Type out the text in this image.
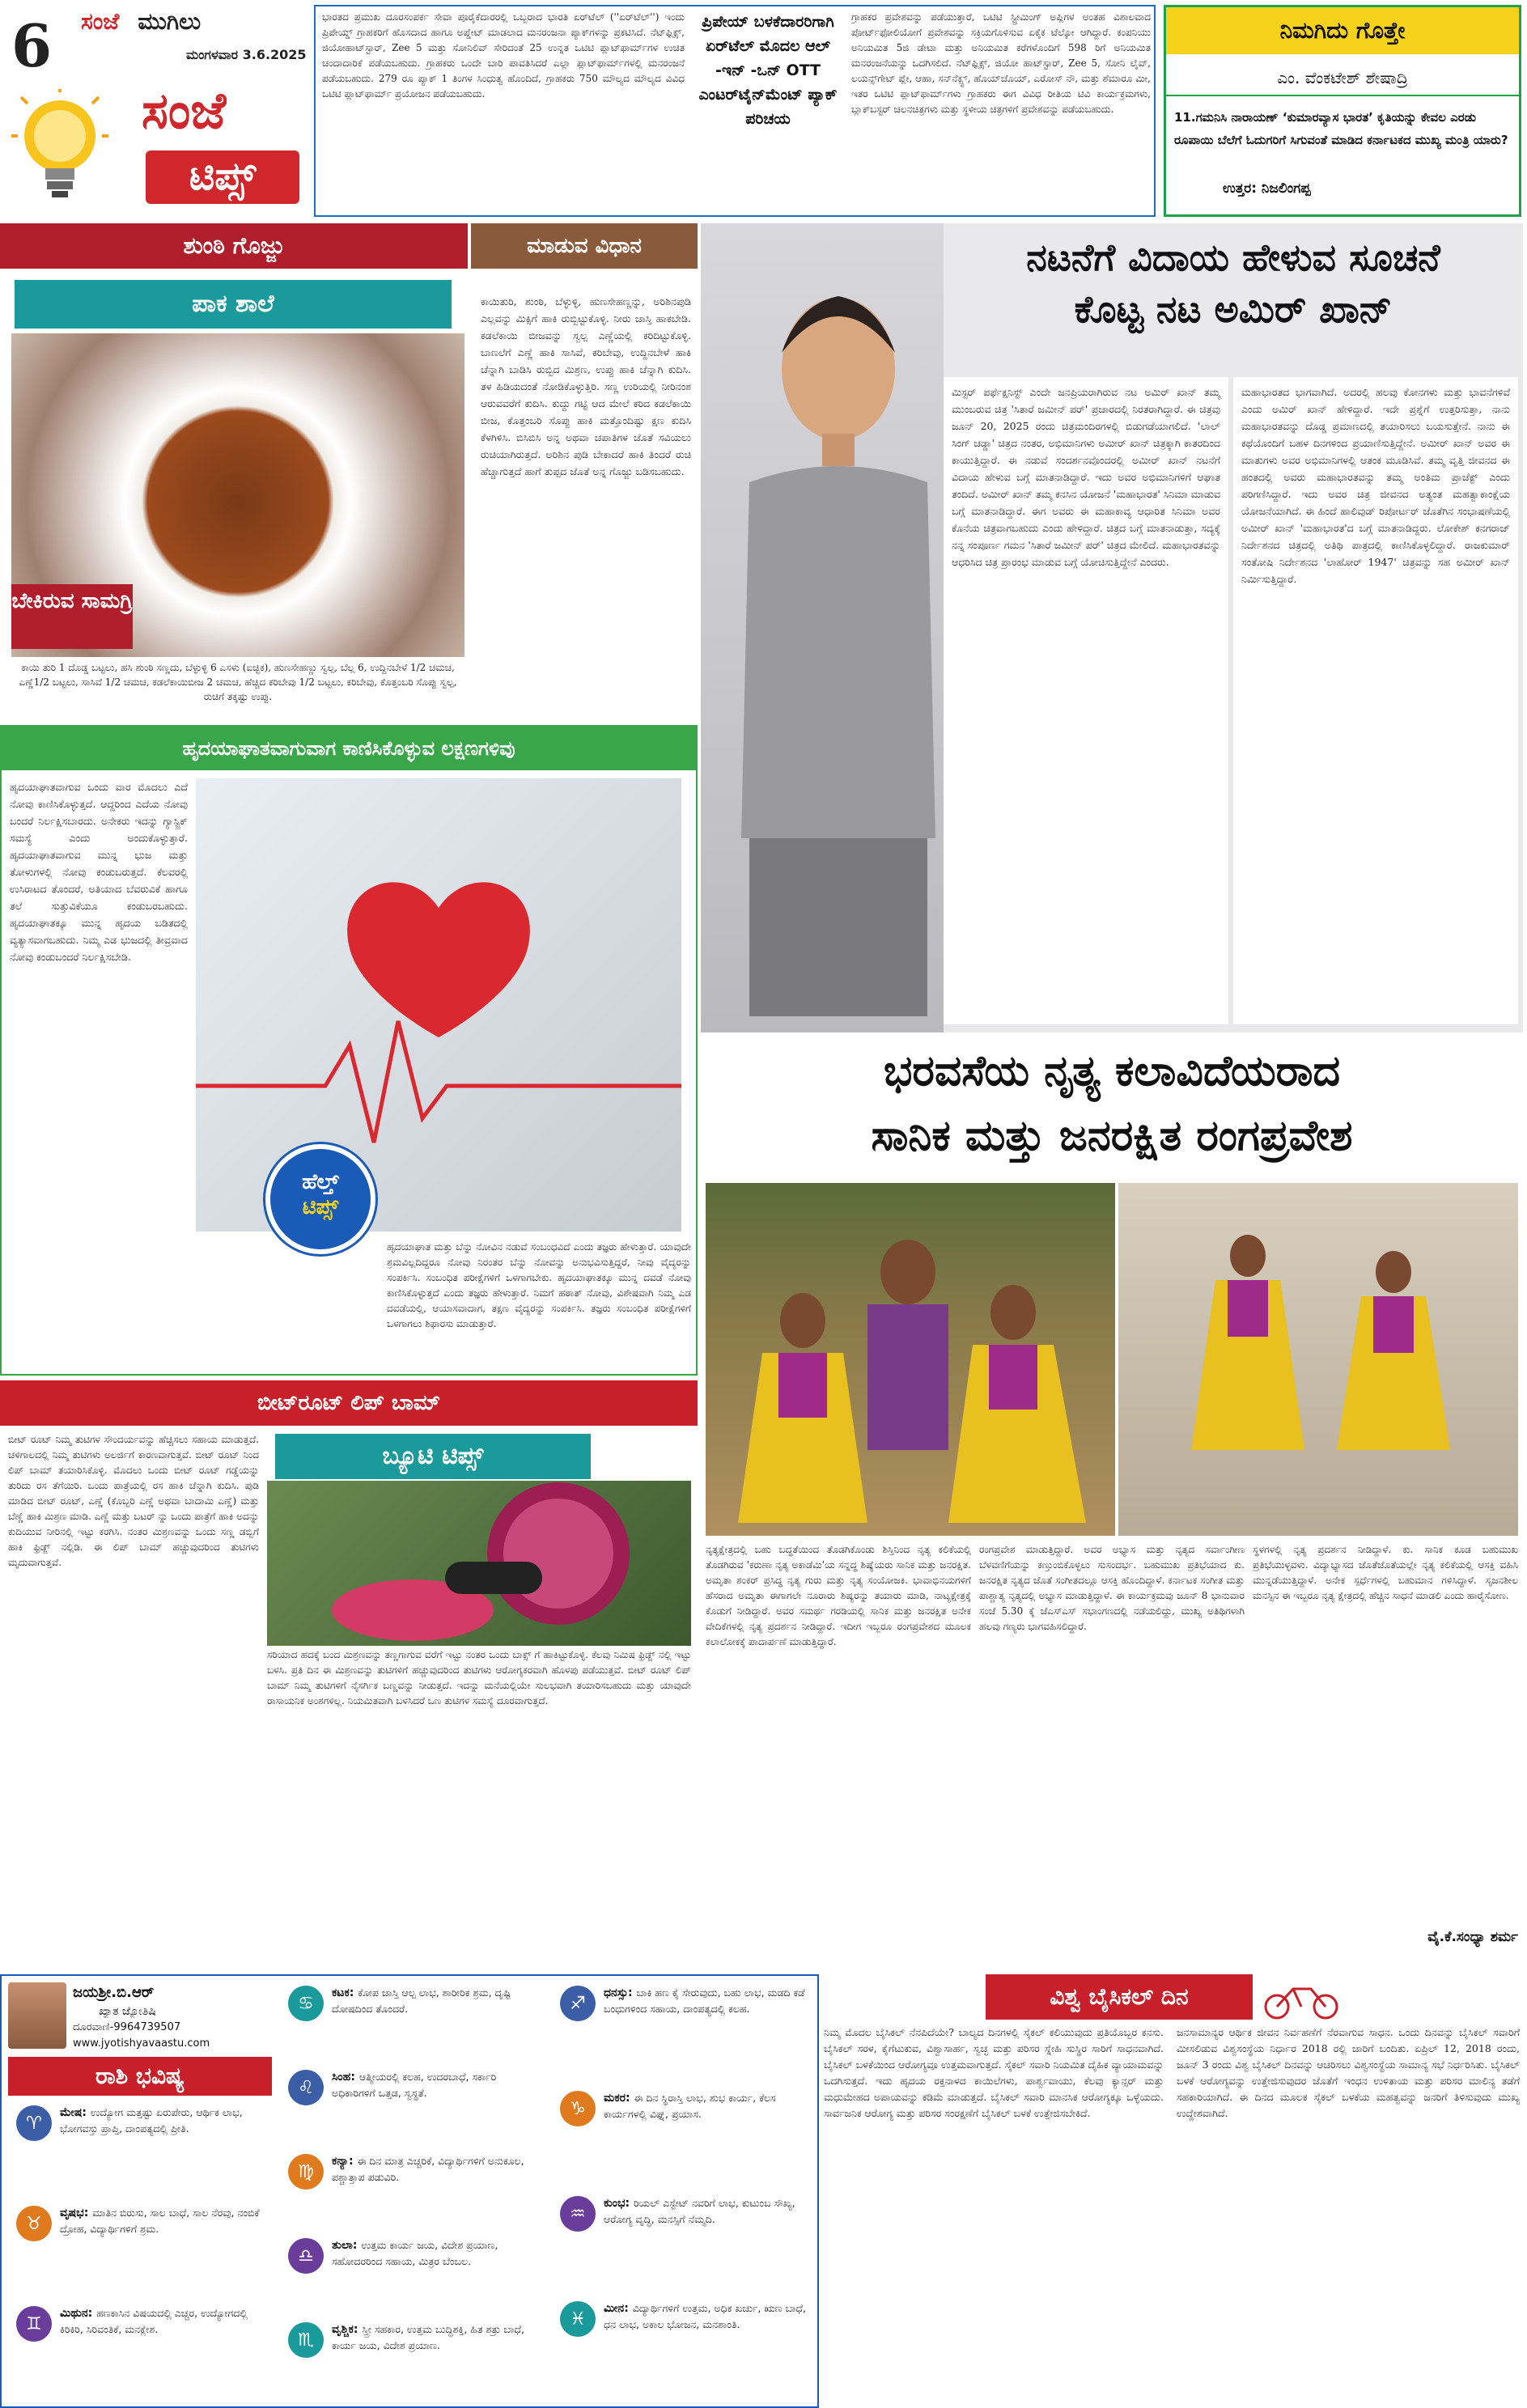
6 ಸಂಜೆ ಮುಗಿಲು
ಮಂಗಳವಾರ 3.6.2025
ಸಂಜೆ
ಟಿಪ್ಸ್
ಭಾರತದ ಪ್ರಮುಖ ದೂರಸಂಪರ್ಕ ಸೇವಾ ಪೂರೈಕೆದಾರರಲ್ಲಿ ಒಬ್ಬರಾದ ಭಾರತಿ ಏರ್‌ಟೆಲ್ (''ಏರ್‌ಟೆಲ್'') ಇಂದು ಪ್ರಿಪೇಯ್ಡ್ ಗ್ರಾಹಕರಿಗೆ ಹೊಸದಾದ ಹಾಗೂ ಅಪ್ಡೇಟ್ ಮಾಡಲಾದ ಮನರಂಜನಾ ಪ್ಯಾಕ್‌ಗಳನ್ನು ಪ್ರಕಟಿಸಿದೆ. ನೆಟ್‌ಫ್ಲಿಕ್ಸ್, ಜಿಯೋಹಾಟ್‌ಸ್ಟಾರ್, Zee 5 ಮತ್ತು ಸೋನಿಲಿವ್ ಸೇರಿದಂತೆ 25 ಉನ್ನತ ಒಟಿಟಿ ಪ್ಲಾಟ್‌ಫಾರ್ಮ್‌ಗಳ ಉಚಿತ ಚಂದಾದಾರಿಕೆ ಪಡೆಯಬಹುದು. ಗ್ರಾಹಕರು ಒಂದೇ ಬಾರಿ ಪಾವತಿಸಿದರೆ ಎಲ್ಲಾ ಪ್ಲಾಟ್‌ಫಾರ್ಮ್‌ಗಳಲ್ಲಿ ಮನರಂಜನೆ ಪಡೆಯಬಹುದು. 279 ರೂ ಪ್ಯಾಕ್ 1 ತಿಂಗಳ ಸಿಂಧುತ್ವ ಹೊಂದಿದೆ, ಗ್ರಾಹಕರು 750 ಮೌಲ್ಯದ ಮೌಲ್ಯದ ವಿವಿಧ ಒಟಿಟಿ ಪ್ಲಾಟ್‌ಫಾರ್ಮ್‌ ಪ್ರಯೋಜನ ಪಡೆಯಬಹುದು.
ಪ್ರಿಪೇಯ್ ಬಳಕೆದಾರರಿಗಾಗಿ ಏರ್‌ಟೆಲ್ ಮೊದಲ ಆಲ್ -ಇನ್ -ಒನ್ OTT ಎಂಟರ್‌ಟೈನ್‌ಮೆಂಟ್ ಪ್ಯಾಕ್ ಪರಿಚಯ
ಗ್ರಾಹಕರ ಪ್ರವೇಶವನ್ನು ಪಡೆಯುತ್ತಾರೆ, ಒಟಿಟಿ ಸ್ಟ್ರೀಮಿಂಗ್ ಅಪ್ಲಿಗಳ ಅಂತಹ ವಿಶಾಲವಾದ ಪೋರ್ಟ್‌ಫೋಲಿಯೋಗೆ ಪ್ರವೇಶವನ್ನು ಸಕ್ರಿಯಗೊಳಿಸುವ ಏಕೈಕ ಟೆಲ್ಕೋ ಆಗಿದ್ದಾರೆ. ಕಂಪನಿಯು ಅನಿಯಮಿತ 5ಜಿ ಡೇಟಾ ಮತ್ತು ಅನಿಯಮಿತ ಕರೆಗಳೊಂದಿಗೆ 598 ರಿಗೆ ಅನಿಯಮಿತ ಮನರಂಜನೆಯನ್ನು ಒದಗಿಸಲಿದೆ. ನೆಟ್‌ಫ್ಲಿಕ್ಸ್, ಜಿಯೋ ಹಾಟ್‌ಸ್ಟಾರ್, Zee 5, ಸೋನಿ ಲೈವ್, ಲಯನ್ಸ್‌ಗೇಟ್ ಪ್ಲೇ, ಆಹಾ, ಸನ್‌ನೆಕ್ಸ್ಟ್, ಹೊಯ್‌ಚೊಯ್, ಎರೋಸ್ ನೌ, ಮತ್ತು ಶೆಮಾರೂ ಮೀ, ಇತರ ಒಟಿಟಿ ಪ್ಲಾಟ್‌ಫಾರ್ಮ್‌ಗಳು ಗ್ರಾಹಕರು ಈಗ ವಿವಿಧ ರೀತಿಯ ಟಿವಿ ಕಾರ್ಯಕ್ರಮಗಳು, ಬ್ಲಾಕ್‌ಬಸ್ಟರ್ ಚಲನಚಿತ್ರಗಳು ಮತ್ತು ಸ್ಥಳೀಯ ಚಿತ್ರಗಳಿಗೆ ಪ್ರವೇಶವನ್ನು ಪಡೆಯಬಹುದು.
ನಿಮಗಿದು ಗೊತ್ತೇ
ಎಂ. ವೆಂಕಟೇಶ್ ಶೇಷಾದ್ರಿ
11.ಗಮನಿಸಿ ನಾರಾಯಣ್ ‘ಕುಮಾರವ್ಯಾಸ ಭಾರತ’ ಕೃತಿಯನ್ನು ಕೇವಲ ಎರಡು ರೂಪಾಯಿ ಬೆಲೆಗೆ ಓದುಗರಿಗೆ ಸಿಗುವಂತೆ ಮಾಡಿದ ಕರ್ನಾಟಕದ ಮುಖ್ಯ ಮಂತ್ರಿ ಯಾರು?
ಉತ್ತರ: ನಿಜಲಿಂಗಪ್ಪ
ಶುಂಠಿ ಗೊಜ್ಜು	ಮಾಡುವ ವಿಧಾನ
ಪಾಕ ಶಾಲೆ
ಬೇಕಿರುವ ಸಾಮಗ್ರಿ
ಕಾಯಿ ತುರಿ 1 ದೊಡ್ಡ ಬಟ್ಟಲು, ಹಸಿ ಶುಂಠಿ ಸಣ್ಣದು, ಬೆಳ್ಳುಳ್ಳಿ 6 ಎಸಳು (ಐಚ್ಛಿಕ), ಹುಣಸೇಹಣ್ಣು ಸ್ವಲ್ಪ, ಬೆಲ್ಲ 6, ಉದ್ದಿನಬೇಳೆ 1/2 ಚಮಚ, ಎಣ್ಣೆ1/2 ಬಟ್ಟಲು, ಸಾಸಿವೆ 1/2 ಚಮಚ, ಕಡಲೆಕಾಯಿಬೀಜ 2 ಚಮಚ, ಹೆಚ್ಚಿದ ಕರಿಬೇವು 1/2 ಬಟ್ಟಲು, ಕರಿಬೇವು, ಕೊತ್ತಂಬರಿ ಸೊಪ್ಪು ಸ್ವಲ್ಪ, ರುಚಿಗೆ ತಕ್ಕಷ್ಟು ಉಪ್ಪು.
ಕಾಯಿತುರಿ, ಶುಂಠಿ, ಬೆಳ್ಳುಳ್ಳಿ, ಹುಣಸೇಹಣ್ಣನ್ನು, ಅರಿಶಿನಪುಡಿ ಎಲ್ಲವನ್ನು ಮಿಕ್ಸಿಗೆ ಹಾಕಿ ರುಬ್ಬಿಟ್ಟುಕೊಳ್ಳಿ. ನೀರು ಜಾಸ್ತಿ ಹಾಕಬೇಡಿ. ಕಡಲೆಕಾಯಿ ಬೀಜವನ್ನು ಸ್ವಲ್ಪ ಎಣ್ಣೆಯಲ್ಲಿ ಕರಿದಿಟ್ಟುಕೊಳ್ಳಿ. ಬಾಣಲೆಗೆ ಎಣ್ಣೆ ಹಾಕಿ ಸಾಸಿವೆ, ಕರಿಬೇವು, ಉದ್ದಿನಬೇಳೆ ಹಾಕಿ ಚೆನ್ನಾಗಿ ಬಾಡಿಸಿ ರುಬ್ಬಿದ ಮಿಶ್ರಣ, ಉಪ್ಪು ಹಾಕಿ ಚೆನ್ನಾಗಿ ಕುದಿಸಿ. ತಳ ಹಿಡಿಯದಂತೆ ನೋಡಿಕೊಳ್ಳುತ್ತಿರಿ. ಸಣ್ಣ ಉರಿಯಲ್ಲಿ ನೀರಿನಂಶ ಆರುವವರೆಗೆ ಕುದಿಸಿ. ಕುದ್ದು ಗಟ್ಟಿ ಆದ ಮೇಲೆ ಕರಿದ ಕಡಲೆಕಾಯಿ ಬೀಜ, ಕೊತ್ತಂಬರಿ ಸೊಪ್ಪು ಹಾಕಿ ಮತ್ತೊಂದಿಷ್ಟು ಕ್ಷಣ ಕುದಿಸಿ ಕೆಳಗಿಳಿಸಿ. ಬಿಸಿಬಿಸಿ ಅನ್ನ ಅಥವಾ ಚಪಾತಿಗಳ ಜೊತೆ ಸವಿಯಲು ರುಚಿಯಾಗಿರುತ್ತದೆ. ಅರಿಶಿನ ಪುಡಿ ಬೇಕಾದರೆ ಹಾಕಿ ತಿಂದರೆ ರುಚಿ ಹೆಚ್ಚಾಗುತ್ತದೆ ಹಾಗೆ ತುಪ್ಪದ ಜೊತೆ ಅನ್ನ ಗೊಜ್ಜು ಬಡಿಸಬಹುದು.
ನಟನೆಗೆ ವಿದಾಯ ಹೇಳುವ ಸೂಚನೆ
ಕೊಟ್ಟ ನಟ ಅಮಿರ್ ಖಾನ್
ಮಿಸ್ಟರ್ ಪರ್ಫೆಕ್ಷನಿಸ್ಟ್ ಎಂದೇ ಜನಪ್ರಿಯರಾಗಿರುವ ನಟ ಅಮಿರ್ ಖಾನ್ ತಮ್ಮ ಮುಂಬರುವ ಚಿತ್ರ 'ಸಿತಾರೆ ಜಮೀನ್ ಪರ್' ಪ್ರಚಾರದಲ್ಲಿ ನಿರತರಾಗಿದ್ದಾರೆ. ಈ ಚಿತ್ರವು ಜೂನ್ 20, 2025 ರಂದು ಚಿತ್ರಮಂದಿರಗಳಲ್ಲಿ ಬಿಡುಗಡೆಯಾಗಲಿದೆ. 'ಲಾಲ್ ಸಿಂಗ್ ಚಡ್ಡಾ' ಚಿತ್ರದ ನಂತರ, ಅಭಿಮಾನಿಗಳು ಅಮೀರ್ ಖಾನ್ ಚಿತ್ರಕ್ಕಾಗಿ ಕಾತರದಿಂದ ಕಾಯುತ್ತಿದ್ದಾರೆ. ಈ ನಡುವೆ ಸಂದರ್ಶನವೊಂದರಲ್ಲಿ ಅಮೀರ್ ಖಾನ್ ನಟನೆಗೆ ವಿದಾಯ ಹೇಳುವ ಬಗ್ಗೆ ಮಾತನಾಡಿದ್ದಾರೆ. ಇದು ಅವರ ಅಭಿಮಾನಿಗಳಿಗೆ ಆಘಾತ ತಂದಿದೆ. ಅಮೀರ್ ಖಾನ್ ತಮ್ಮ ಕನಸಿನ ಯೋಜನೆ 'ಮಹಾಭಾರತ' ಸಿನಿಮಾ ಮಾಡುವ ಬಗ್ಗೆ ಮಾತನಾಡಿದ್ದಾರೆ. ಈಗ ಅವರು ಈ ಮಹಾಕಾವ್ಯ ಆಧಾರಿತ ಸಿನಿಮಾ ಅವರ ಕೊನೆಯ ಚಿತ್ರವಾಗಬಹುದು ಎಂದು ಹೇಳಿದ್ದಾರೆ. ಚಿತ್ರದ ಬಗ್ಗೆ ಮಾತನಾಡುತ್ತಾ, ಸದ್ಯಕ್ಕೆ ನನ್ನ ಸಂಪೂರ್ಣ ಗಮನ 'ಸಿತಾರೆ ಜಮೀನ್ ಪರ್' ಚಿತ್ರದ ಮೇಲಿದೆ. ಮಹಾಭಾರತವನ್ನು ಆಧರಿಸಿದ ಚಿತ್ರ ಪ್ರಾರಂಭ ಮಾಡುವ ಬಗ್ಗೆ ಯೋಚಿಸುತ್ತಿದ್ದೇನೆ ಎಂದರು.
ಮಹಾಭಾರತದ ಭಾಗವಾಗಿದೆ. ಅದರಲ್ಲಿ ಹಲವು ಕೋನಗಳು ಮತ್ತು ಭಾವನೆಗಳಿವೆ ಎಂದು ಅಮಿರ್ ಖಾನ್ ಹೇಳಿದ್ದಾರೆ. ಇದೇ ಪ್ರಶ್ನೆಗೆ ಉತ್ತರಿಸುತ್ತಾ, ನಾನು ಮಹಾಭಾರತವನ್ನು ದೊಡ್ಡ ಪ್ರಮಾಣದಲ್ಲಿ ತಯಾರಿಸಲು ಬಯಸುತ್ತೇನೆ. ನಾನು ಈ ಕಥೆಯೊಂದಿಗೆ ಬಹಳ ದಿನಗಳಿಂದ ಪ್ರಯಾಣಿಸುತ್ತಿದ್ದೇನೆ. ಅಮೀರ್ ಖಾನ್ ಅವರ ಈ ಮಾತುಗಳು ಅವರ ಅಭಿಮಾನಿಗಳಲ್ಲಿ ಆತಂಕ ಮೂಡಿಸಿವೆ. ತಮ್ಮ ವೃತ್ತಿ ಜೀವನದ ಈ ಹಂತದಲ್ಲಿ ಅವರು ಮಹಾಭಾರತವನ್ನು ತಮ್ಮ ಅಂತಿಮ ಪ್ರಾಜೆಕ್ಟ್ ಎಂದು ಪರಿಗಣಿಸಿದ್ದಾರೆ. ಇದು ಅವರ ಚಿತ್ರ ಜೀವನದ ಅತ್ಯಂತ ಮಹತ್ವಾಕಾಂಕ್ಷೆಯ ಯೋಜನೆಯಾಗಿದೆ. ಈ ಹಿಂದೆ ಹಾಲಿವುಡ್ ರಿಪೋರ್ಟರ್ ಜೊತೆಗಿನ ಸಂಭಾಷಣೆಯಲ್ಲಿ ಅಮೀರ್ ಖಾನ್ 'ಮಹಾಭಾರತ'ದ ಬಗ್ಗೆ ಮಾತನಾಡಿದ್ದರು. ಲೋಕೇಶ್ ಕನಗರಾಜ್ ನಿರ್ದೇಶನದ ಚಿತ್ರದಲ್ಲಿ ಅತಿಥಿ ಪಾತ್ರದಲ್ಲಿ ಕಾಣಿಸಿಕೊಳ್ಳಲಿದ್ದಾರೆ. ರಾಜಕುಮಾರ್ ಸಂತೋಷಿ ನಿರ್ದೇಶನದ 'ಲಾಹೋರ್ 1947' ಚಿತ್ರವನ್ನು ಸಹ ಅಮೀರ್ ಖಾನ್ ನಿರ್ಮಿಸುತ್ತಿದ್ದಾರೆ.
ಹೃದಯಾಘಾತವಾಗುವಾಗ ಕಾಣಿಸಿಕೊಳ್ಳುವ ಲಕ್ಷಣಗಳಿವು
ಹೃದಯಾಘಾತವಾಗುವ ಒಂದು ವಾರ ಮೊದಲು ಎದೆ ನೋವು ಕಾಣಿಸಿಕೊಳ್ಳುತ್ತದೆ. ಆದ್ದರಿಂದ ಎದೆಯ ನೋವು ಬಂದರೆ ನಿರ್ಲಕ್ಷಿಸಬಾರದು. ಅನೇಕರು ಇದನ್ನು ಗ್ಯಾಸ್ಟ್ರಿಕ್ ಸಮಸ್ಯೆ ಎಂದು ಅಂದುಕೊಳ್ಳುತ್ತಾರೆ. ಹೃದಯಾಘಾತವಾಗುವ ಮುನ್ನ ಭುಜ ಮತ್ತು ತೋಳುಗಳಲ್ಲಿ ನೋವು ಕಂಡುಬರುತ್ತದೆ. ಕೆಲವರಲ್ಲಿ ಉಸಿರಾಟದ ತೊಂದರೆ, ಅತಿಯಾದ ಬೆವರುವಿಕೆ ಹಾಗೂ ತಲೆ ಸುತ್ತುವಿಕೆಯೂ ಕಂಡುಬರಬಹುದು. ಹೃದಯಾಘಾತಕ್ಕೂ ಮುನ್ನ ಹೃದಯ ಬಡಿತದಲ್ಲಿ ವ್ಯತ್ಯಾಸವಾಗಬಹುದು. ನಿಮ್ಮ ಎಡ ಭುಜದಲ್ಲಿ ತೀವ್ರವಾದ ನೋವು ಕಂಡುಬಂದರೆ ನಿರ್ಲಕ್ಷಿಸಬೇಡಿ.
ಹೆಲ್ತ್
ಟಿಪ್ಸ್
ಹೃದಯಾಘಾತ ಮತ್ತು ಬೆನ್ನು ನೋವಿನ ನಡುವೆ ಸಂಬಂಧವಿದೆ ಎಂದು ತಜ್ಞರು ಹೇಳುತ್ತಾರೆ. ಯಾವುದೇ ಶ್ರಮವಿಲ್ಲದಿದ್ದರೂ ನೋವು ನಿರಂತರ ಬೆನ್ನು ನೋವನ್ನು ಅನುಭವಿಸುತ್ತಿದ್ದರೆ, ನೀವು ವೈದ್ಯರನ್ನು ಸಂಪರ್ಕಿಸಿ. ಸಂಬಂಧಿತ ಪರೀಕ್ಷೆಗಳಿಗೆ ಒಳಗಾಗಬೇಕು. ಹೃದಯಾಘಾತಕ್ಕೂ ಮುನ್ನ ದವಡೆ ನೋವು ಕಾಣಿಸಿಕೊಳ್ಳುತ್ತದೆ ಎಂದು ತಜ್ಞರು ಹೇಳುತ್ತಾರೆ. ನಿಮಗೆ ಹಠಾತ್ ನೋವು, ವಿಶೇಷವಾಗಿ ನಿಮ್ಮ ಎಡ ದವಡೆಯಲ್ಲಿ, ಆಯಾಸವಾದಾಗ, ತಕ್ಷಣ ವೈದ್ಯರನ್ನು ಸಂಪರ್ಕಿಸಿ. ತಜ್ಞರು ಸಂಬಂಧಿತ ಪರೀಕ್ಷೆಗಳಿಗೆ ಒಳಗಾಗಲು ಶಿಫಾರಸು ಮಾಡುತ್ತಾರೆ.
ಬೀಟ್‌ರೂಟ್ ಲಿಪ್ ಬಾಮ್
ಬೀಟ್ ರೂಟ್ ನಿಮ್ಮ ತುಟಿಗಳ ಸೌಂದರ್ಯವನ್ನು ಹೆಚ್ಚಿಸಲು ಸಹಾಯ ಮಾಡುತ್ತದೆ. ಚಳಿಗಾಲದಲ್ಲಿ ನಿಮ್ಮ ತುಟಿಗಳು ಅಲರ್ಜಿಗೆ ಕಾರಣವಾಗುತ್ತವೆ. ಬೀಟ್ ರೂಟ್ ನಿಂದ ಲಿಪ್ ಬಾಮ್ ತಯಾರಿಸಿಕೊಳ್ಳಿ. ಮೊದಲು ಒಂದು ಬೀಟ್ ರೂಟ್ ಗಡ್ಡೆಯನ್ನು ತುರಿದು ರಸ ತೆಗೆಯಿರಿ. ಒಂದು ಪಾತ್ರೆಯಲ್ಲಿ ರಸ ಹಾಕಿ ಚೆನ್ನಾಗಿ ಕುದಿಸಿ. ಪುಡಿ ಮಾಡಿದ ಬೀಟ್ ರೂಟ್, ಎಣ್ಣೆ (ಕೊಬ್ಬರಿ ಎಣ್ಣೆ ಅಥವಾ ಬಾದಾಮಿ ಎಣ್ಣೆ) ಮತ್ತು ಬೆಣ್ಣೆ ಹಾಕಿ ಮಿಶ್ರಣ ಮಾಡಿ. ಎಣ್ಣೆ ಮತ್ತು ಬಟರ್ ನ್ನು ಒಂದು ಪಾತ್ರೆಗೆ ಹಾಕಿ ಅದನ್ನು ಕುದಿಯುವ ನೀರಿನಲ್ಲಿ ಇಟ್ಟು ಕರಗಿಸಿ. ನಂತರ ಮಿಶ್ರಣವನ್ನು ಒಂದು ಸಣ್ಣ ಡಬ್ಬಿಗೆ ಹಾಕಿ ಫ್ರಿಡ್ಜ್ ನಲ್ಲಿಡಿ. ಈ ಲಿಪ್ ಬಾಮ್ ಹಚ್ಚುವುದರಿಂದ ತುಟಿಗಳು ಮೃದುವಾಗುತ್ತವೆ.
ಬ್ಯೂಟಿ ಟಿಪ್ಸ್
ಸರಿಯಾದ ಹದಕ್ಕೆ ಬಂದ ಮಿಶ್ರಣವನ್ನು ತಣ್ಣಗಾಗುವ ವರೆಗೆ ಇಟ್ಟು ನಂತರ ಒಂದು ಬಾಕ್ಸ್ ಗೆ ಹಾಕಿಟ್ಟುಕೊಳ್ಳಿ. ಕೆಲವು ನಿಮಿಷ ಫ್ರಿಡ್ಜ್ ನಲ್ಲಿ ಇಟ್ಟು ಬಳಸಿ. ಪ್ರತಿ ದಿನ ಈ ಮಿಶ್ರಣವನ್ನು ತುಟಿಗಳಿಗೆ ಹಚ್ಚುವುದರಿಂದ ತುಟಿಗಳು ಆರೋಗ್ಯಕರವಾಗಿ ಹೊಳಪು ಪಡೆಯುತ್ತವೆ. ಬೀಟ್ ರೂಟ್ ಲಿಪ್ ಬಾಮ್ ನಿಮ್ಮ ತುಟಿಗಳಿಗೆ ನೈಸರ್ಗಿಕ ಬಣ್ಣವನ್ನು ನೀಡುತ್ತದೆ. ಇದನ್ನು ಮನೆಯಲ್ಲಿಯೇ ಸುಲಭವಾಗಿ ತಯಾರಿಸಬಹುದು ಮತ್ತು ಯಾವುದೇ ರಾಸಾಯನಿಕ ಅಂಶಗಳಿಲ್ಲ. ನಿಯಮಿತವಾಗಿ ಬಳಸಿದರೆ ಒಣ ತುಟಿಗಳ ಸಮಸ್ಯೆ ದೂರವಾಗುತ್ತದೆ.
ಭರವಸೆಯ ನೃತ್ಯ ಕಲಾವಿದೆಯರಾದ
ಸಾನಿಕ ಮತ್ತು ಜನರಕ್ಷಿತ ರಂಗಪ್ರವೇಶ
ನೃತ್ಯಕ್ಷೇತ್ರದಲ್ಲಿ ಬಹು ಬದ್ಧತೆಯಿಂದ ತೊಡಗಿಕೊಂಡು ಶಿಸ್ತಿನಿಂದ ನೃತ್ಯ ಕಲಿಕೆಯಲ್ಲಿ ತೊಡಗಿರುವ 'ಕರುಣಾ ನೃತ್ಯ ಅಕಾಡೆಮಿ'ಯ ಸನ್ನದ್ಧ ಶಿಷ್ಯೆಯರು ಸಾನಿಕ ಮತ್ತು ಜನರಕ್ಷಿತ. ಅಮೃತಾ ಶಂಕರ್ ಪ್ರಸಿದ್ಧ ನೃತ್ಯ ಗುರು ಮತ್ತು ನೃತ್ಯ ಸಂಯೋಜಕಿ. ಭಾವಾಭಿನಯಗಳಿಗೆ ಹೆಸರಾದ ಅಮೃತಾ ಈಗಾಗಲೇ ನೂರಾರು ಶಿಷ್ಯರನ್ನು ತಯಾರು ಮಾಡಿ, ನಾಟ್ಯಕ್ಷೇತ್ರಕ್ಕೆ ಕೊಡುಗೆ ನೀಡಿದ್ದಾರೆ. ಅವರ ಸಮರ್ಥ ಗರಡಿಯಲ್ಲಿ ಸಾನಿಕ ಮತ್ತು ಜನರಕ್ಷಿತ ಅನೇಕ ವೇದಿಕೆಗಳಲ್ಲಿ ನೃತ್ಯ ಪ್ರದರ್ಶನ ನೀಡಿದ್ದಾರೆ. ಇದೀಗ ಇಬ್ಬರೂ ರಂಗಪ್ರವೇಶದ ಮೂಲಕ ಕಲಾಲೋಕಕ್ಕೆ ಪಾದಾರ್ಪಣೆ ಮಾಡುತ್ತಿದ್ದಾರೆ.
ರಂಗಪ್ರವೇಶ ಮಾಡುತ್ತಿದ್ದಾರೆ. ಅವರ ಅಭ್ಯಾಸ ಮತ್ತು ನೃತ್ಯದ ಸರ್ವಾಂಗೀಣ ಬೆಳವಣಿಗೆಯನ್ನು ಕಣ್ತುಂಬಿಕೊಳ್ಳಲು ಸುಸಂದರ್ಭ. ಬಹುಮುಖ ಪ್ರತಿಭೆಯಾದ ಕು. ಜನರಕ್ಷಿತ ನೃತ್ಯದ ಜೊತೆ ಸಂಗೀತದಲ್ಲೂ ಆಸಕ್ತಿ ಹೊಂದಿದ್ದಾಳೆ. ಕರ್ನಾಟಕ ಸಂಗೀತ ಮತ್ತು ಪಾಶ್ಚಾತ್ಯ ನೃತ್ಯದಲ್ಲಿ ಅಭ್ಯಾಸ ಮಾಡುತ್ತಿದ್ದಾಳೆ. ಈ ಕಾರ್ಯಕ್ರಮವು ಜೂನ್ 8 ಭಾನುವಾರ ಸಂಜೆ 5.30 ಕ್ಕೆ ಜೆಎಸ್‌ಎಸ್ ಸಭಾಂಗಣದಲ್ಲಿ ನಡೆಯಲಿದ್ದು, ಮುಖ್ಯ ಅತಿಥಿಗಳಾಗಿ ಹಲವು ಗಣ್ಯರು ಭಾಗವಹಿಸಲಿದ್ದಾರೆ.
ಸ್ಥಳಗಳಲ್ಲಿ ನೃತ್ಯ ಪ್ರದರ್ಶನ ನೀಡಿದ್ದಾಳೆ. ಕು. ಸಾನಿಕ ಕೂಡ ಬಹುಮುಖ ಪ್ರತಿಭೆಯುಳ್ಳವಳು. ವಿದ್ಯಾಭ್ಯಾಸದ ಜೊತೆಜೊತೆಯಲ್ಲೇ ನೃತ್ಯ ಕಲಿಕೆಯಲ್ಲಿ ಆಸಕ್ತಿ ವಹಿಸಿ ಮುನ್ನಡೆಯುತ್ತಿದ್ದಾಳೆ. ಅನೇಕ ಸ್ಪರ್ಧೆಗಳಲ್ಲಿ ಬಹುಮಾನ ಗಳಿಸಿದ್ದಾಳೆ. ಸೃಜನಶೀಲ ಮನಸ್ಸಿನ ಈ ಇಬ್ಬರೂ ನೃತ್ಯ ಕ್ಷೇತ್ರದಲ್ಲಿ ಹೆಚ್ಚಿನ ಸಾಧನೆ ಮಾಡಲಿ ಎಂದು ಹಾರೈಸೋಣ.
ವೈ.ಕೆ.ಸಂಧ್ಯಾ ಶರ್ಮ
ಜಯಶ್ರೀ.ಬಿ.ಆರ್
ಖ್ಯಾತ ಜ್ಯೋತಿಷಿ
ದೂರವಾಣಿ-9964739507
www.jyotishyavaastu.com
ರಾಶಿ ಭವಿಷ್ಯ
♈
ಮೇಷ: ಉದ್ಯೋಗ ಮತ್ತಷ್ಟು ಏರುಪೇರು, ಆರ್ಥಿಕ ಲಾಭ, ಭೋಗವಸ್ತು ಪ್ರಾಪ್ತಿ, ದಾಂಪತ್ಯದಲ್ಲಿ ಪ್ರೀತಿ.
♉
ವೃಷಭ: ಮಾತಿನ ಬಿರುಸು, ಸಾಲ ಬಾಧೆ, ಸಾಲ ನೆರವು, ನಂಬಿಕೆ ದ್ರೋಹ, ವಿದ್ಯಾರ್ಥಿಗಳಿಗೆ ಶ್ರಮ.
♊
ಮಿಥುನ: ಹಣಕಾಸಿನ ವಿಷಯದಲ್ಲಿ ಎಚ್ಚರ, ಉದ್ಯೋಗದಲ್ಲಿ ಕಿರಿಕಿರಿ, ಸಿರಿವಂತಿಕೆ, ಮನಕ್ಲೇಶ.
♋
ಕಟಕ: ಕೋಪ ಜಾಸ್ತಿ ಆಲ್ಪ ಲಾಭ, ಶಾರೀರಿಕ ಶ್ರಮ, ದೃಷ್ಟಿ ದೋಷದಿಂದ ತೊಂದರೆ.
♌
ಸಿಂಹ: ಆತ್ಮೀಯರಲ್ಲಿ ಕಲಹ, ಉದರಬಾಧೆ, ಸರ್ಕಾರಿ ಅಧಿಕಾರಿಗಳಿಗೆ ಒತ್ತಡ, ಸ್ವಸ್ಥತೆ.
♍
ಕನ್ಯಾ: ಈ ದಿನ ಮಾತ್ರ ಎಚ್ಚರಿಕೆ, ವಿದ್ಯಾರ್ಥಿಗಳಿಗೆ ಅನುಕೂಲ, ಪಶ್ಚಾತ್ತಾಪ ಪಡುವಿರಿ.
♎
ತುಲಾ: ಉತ್ತಮ ಕಾರ್ಯ ಜಯ, ವಿದೇಶ ಪ್ರಯಾಣ, ಸಹೋದರರಿಂದ ಸಹಾಯ, ಮಿತ್ರರ ಬೆಂಬಲ.
♏
ವೃಶ್ಚಿಕ: ಸ್ತ್ರೀ ಸಹಕಾರ, ಉತ್ತಮ ಬುದ್ಧಿಶಕ್ತಿ, ಹಿತ ಶತ್ರು ಬಾಧೆ, ಕಾರ್ಯ ಜಯ, ವಿದೇಶ ಪ್ರಯಾಣ.
♐
ಧನಸ್ಸು: ಬಾಕಿ ಹಣ ಕೈ ಸೇರುವುದು, ಬಹು ಲಾಭ, ಮಡದಿ ಕಡೆ ಬಂಧುಗಳಿಂದ ಸಹಾಯ, ದಾಂಪತ್ಯದಲ್ಲಿ ಕಲಹ.
♑
ಮಕರ: ಈ ದಿನ ಸ್ಥಿರಾಸ್ತಿ ಲಾಭ, ಶುಭ ಕಾರ್ಯ, ಕೆಲಸ ಕಾರ್ಯಗಳಲ್ಲಿ ವಿಘ್ನ, ಪ್ರಯಾಸ.
♒
ಕುಂಭ: ರಿಯಲ್ ಎಸ್ಟೇಟ್ ನವರಿಗೆ ಲಾಭ, ಕುಟುಂಬ ಸೌಖ್ಯ, ಆರೋಗ್ಯ ವೃದ್ಧಿ, ಮನಸ್ಸಿಗೆ ನೆಮ್ಮದಿ.
♓
ಮೀನ: ವಿದ್ಯಾರ್ಥಿಗಳಿಗೆ ಉತ್ತಮ, ಅಧಿಕ ಖರ್ಚು, ಋಣ ಬಾಧೆ, ಧನ ಲಾಭ, ಅಕಾಲ ಭೋಜನ, ಮನಶಾಂತಿ.
ವಿಶ್ವ ಬೈಸಿಕಲ್ ದಿನ
ನಿಮ್ಮ ಮೊದಲ ಬೈಸಿಕಲ್ ನೆನಪಿದೆಯೇ? ಬಾಲ್ಯದ ದಿನಗಳಲ್ಲಿ ಸೈಕಲ್ ಕಲಿಯುವುದು ಪ್ರತಿಯೊಬ್ಬರ ಕನಸು. ಬೈಸಿಕಲ್ ಸರಳ, ಕೈಗೆಟುಕುವ, ವಿಶ್ವಾಸಾರ್ಹ, ಸ್ವಚ್ಛ ಮತ್ತು ಪರಿಸರ ಸ್ನೇಹಿ ಸುಸ್ಥಿರ ಸಾರಿಗೆ ಸಾಧನವಾಗಿದೆ. ಬೈಸಿಕಲ್ ಬಳಕೆಯಿಂದ ಆರೋಗ್ಯವೂ ಉತ್ತಮವಾಗುತ್ತದೆ. ಸೈಕಲ್ ಸವಾರಿ ನಿಯಮಿತ ದೈಹಿಕ ವ್ಯಾಯಾಮವನ್ನು ಒದಗಿಸುತ್ತದೆ. ಇದು ಹೃದಯ ರಕ್ತನಾಳದ ಕಾಯಿಲೆಗಳು, ಪಾರ್ಶ್ವವಾಯು, ಕೆಲವು ಕ್ಯಾನ್ಸರ್ ಮತ್ತು ಮಧುಮೇಹದ ಅಪಾಯವನ್ನು ಕಡಿಮೆ ಮಾಡುತ್ತದೆ. ಬೈಸಿಕಲ್ ಸವಾರಿ ಮಾನಸಿಕ ಆರೋಗ್ಯಕ್ಕೂ ಒಳ್ಳೆಯದು. ಸಾರ್ವಜನಿಕ ಆರೋಗ್ಯ ಮತ್ತು ಪರಿಸರ ಸಂರಕ್ಷಣೆಗೆ ಬೈಸಿಕಲ್ ಬಳಕೆ ಉತ್ತೇಜಿಸಬೇಕಿದೆ.
ಜನಸಾಮಾನ್ಯರ ಆರ್ಥಿಕ ಜೀವನ ನಿರ್ವಹಣೆಗೆ ನೆರವಾಗುವ ಸಾಧನ. ಒಂದು ದಿನವನ್ನು ಬೈಸಿಕಲ್ ಸವಾರಿಗೆ ಮೀಸಲಿಡುವ ವಿಶ್ವಸಂಸ್ಥೆಯ ನಿರ್ಧಾರ 2018 ರಲ್ಲಿ ಜಾರಿಗೆ ಬಂದಿತು. ಏಪ್ರಿಲ್ 12, 2018 ರಂದು, ಜೂನ್ 3 ರಂದು ವಿಶ್ವ ಬೈಸಿಕಲ್ ದಿನವನ್ನು ಆಚರಿಸಲು ವಿಶ್ವಸಂಸ್ಥೆಯ ಸಾಮಾನ್ಯ ಸಭೆ ನಿರ್ಧರಿಸಿತು. ಬೈಸಿಕಲ್ ಬಳಕೆ ಆರೋಗ್ಯವನ್ನು ಉತ್ತೇಜಿಸುವುದರ ಜೊತೆಗೆ ಇಂಧನ ಉಳಿತಾಯ ಮತ್ತು ಪರಿಸರ ಮಾಲಿನ್ಯ ತಡೆಗೆ ಸಹಕಾರಿಯಾಗಿದೆ. ಈ ದಿನದ ಮೂಲಕ ಸೈಕಲ್ ಬಳಕೆಯ ಮಹತ್ವವನ್ನು ಜನರಿಗೆ ತಿಳಿಸುವುದು ಮುಖ್ಯ ಉದ್ದೇಶವಾಗಿದೆ.
